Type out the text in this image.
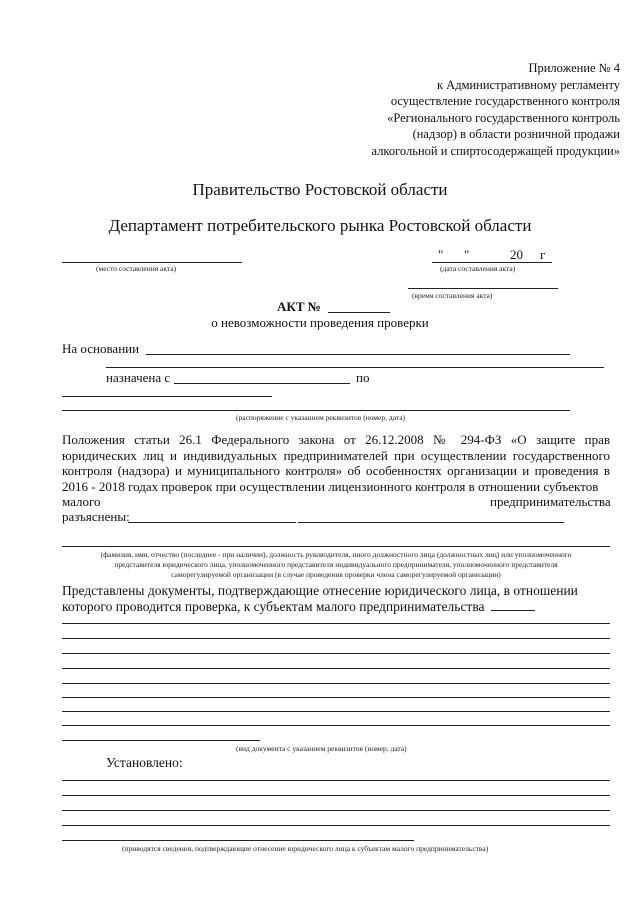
Приложение № 4
к Административному регламенту
осуществление государственного контроля
«Регионального государственного контроль
(надзор) в области розничной продажи
алкогольной и спиртосодержащей продукции»
Правительство Ростовской области
Департамент потребительского рынка Ростовской области
(место составления акта)
" "	20 г
(дата составления акта)
(время составления акта)
АКТ №
о невозможности проведения проверки
На основании
назначена с	по
(распоряжение с указанием реквизитов (номер, дата)
Положения статьи 26.1 Федерального закона от 26.12.2008 № 294-ФЗ «О защите прав юридических лиц и индивидуальных предпринимателей при осуществлении государственного контроля (надзора) и муниципального контроля» об особенностях организации и проведения в 2016 - 2018 годах проверок при осуществлении лицензионного контроля в отношении субъектов
малого	предпринимательства
разъяснены:
(фамилия, имя, отчество (последнее - при наличии), должность руководителя, иного должностного лица (должностных лиц) или уполномоченного
представителя юридического лица, уполномоченного представителя индивидуального предпринимателя, уполномоченного представителя
саморегулируемой организации (в случае проведения проверки члена саморегулируемой организации)
Представлены документы, подтверждающие отнесение юридического лица, в отношении которого проводится проверка, к субъектам малого предпринимательства
(вид документа с указанием реквизитов (номер, дата)
Установлено:
(приводятся сведения, подтверждающие отнесение юридического лица к субъектам малого предпринимательства)
